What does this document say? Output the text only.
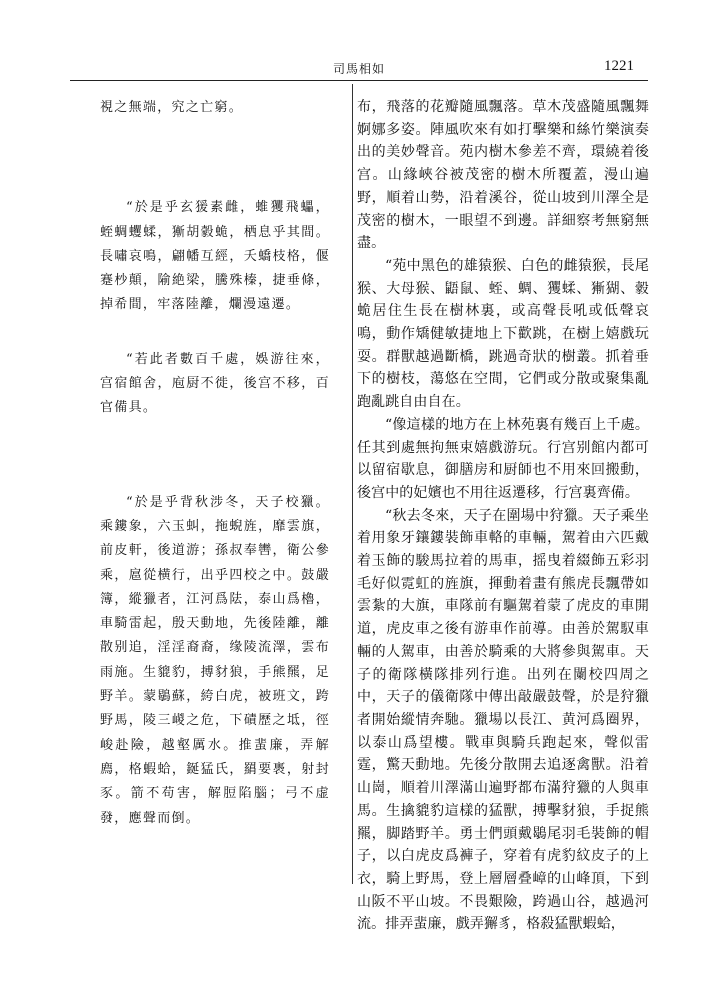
司馬相如	1221

視之無端，究之亡窮。

“於是乎玄猨素雌，蜼玃飛蠝，蛭蜩蠼蝚，獑胡豰蛫，栖息乎其間。長嘯哀鳴，翩幡互經，夭蟜枝格，偃蹇杪顛，隃絶梁，騰殊榛，捷垂條，掉希間，牢落陸離，爛漫遠遷。

“若此者數百千處，娛游往來，宫宿館舍，庖厨不徙，後宫不移，百官備具。

“於是乎背秋涉冬，天子校獵。乘鏤象，六玉虯，拖蜺旌，靡雲旗，前皮軒，後道游；孫叔奉轡，衛公參乘，扈從横行，出乎四校之中。鼓嚴簿，縱獵者，江河爲阹，泰山爲櫓，車騎雷起，殷天動地，先後陸離，離散别追，淫淫裔裔，缘陵流澤，雲布雨施。生貔豹，搏豺狼，手熊羆，足野羊。蒙鶡蘇，絝白虎，被班文，跨野馬，陵三嵕之危，下磧歷之坻，徑峻赴險，越壑厲水。推蜚廉，弄解廌，格蝦蛤，鋋猛氏，羂要褭，射封豕。箭不苟害，解脰陷腦；弓不虚發，應聲而倒。

布，飛落的花瓣隨風飄落。草木茂盛隨風飄舞婀娜多姿。陣風吹來有如打擊樂和絲竹樂演奏出的美妙聲音。苑内樹木參差不齊，環繞着後宫。山緣峽谷被茂密的樹木所覆蓋，漫山遍野，順着山勢，沿着溪谷，從山坡到川澤全是茂密的樹木，一眼望不到邊。詳細察考無窮無盡。

“苑中黑色的雄猿猴、白色的雌猿猴，長尾猴、大母猴、鼯鼠、蛭、蜩、玃蝚、獑猢、豰蛫居住生長在樹林裏，或高聲長吼或低聲哀鳴，動作矯健敏捷地上下歡跳，在樹上嬉戲玩耍。群獸越過斷橋，跳過奇狀的樹叢。抓着垂下的樹枝，蕩悠在空間，它們或分散或聚集亂跑亂跳自由自在。

“像這樣的地方在上林苑裏有幾百上千處。任其到處無拘無束嬉戲游玩。行宫别館内都可以留宿歇息，御膳房和厨師也不用來回搬動，後宫中的妃嬪也不用往返遷移，行宫裏齊備。

“秋去冬來，天子在圍場中狩獵。天子乘坐着用象牙鑲鏤裝飾車輅的車輛，駕着由六匹戴着玉飾的駿馬拉着的馬車，摇曳着綴飾五彩羽毛好似霓虹的旌旗，揮動着畫有熊虎長飄帶如雲紮的大旗，車隊前有驅駕着蒙了虎皮的車開道，虎皮車之後有游車作前導。由善於駕馭車輛的人駕車，由善於騎乘的大將參與駕車。天子的衛隊橫隊排列行進。出列在闌校四周之中，天子的儀衛隊中傳出敲嚴鼓聲，於是狩獵者開始縱情奔馳。獵場以長江、黄河爲圈界，以泰山爲望樓。戰車與騎兵跑起來，聲似雷霆，驚天動地。先後分散開去追逐禽獸。沿着山崗，順着川澤滿山遍野都布滿狩獵的人與車馬。生擒貔豹這樣的猛獸，搏擊豺狼，手捉熊羆，脚踏野羊。勇士們頭戴鶡尾羽毛裝飾的帽子，以白虎皮爲褲子，穿着有虎豹紋皮子的上衣，騎上野馬，登上層層叠嶂的山峰頂，下到山阪不平山坡。不畏艱險，跨過山谷，越過河流。排弄蜚廉，戲弄獬豸，格殺猛獸蝦蛤，
